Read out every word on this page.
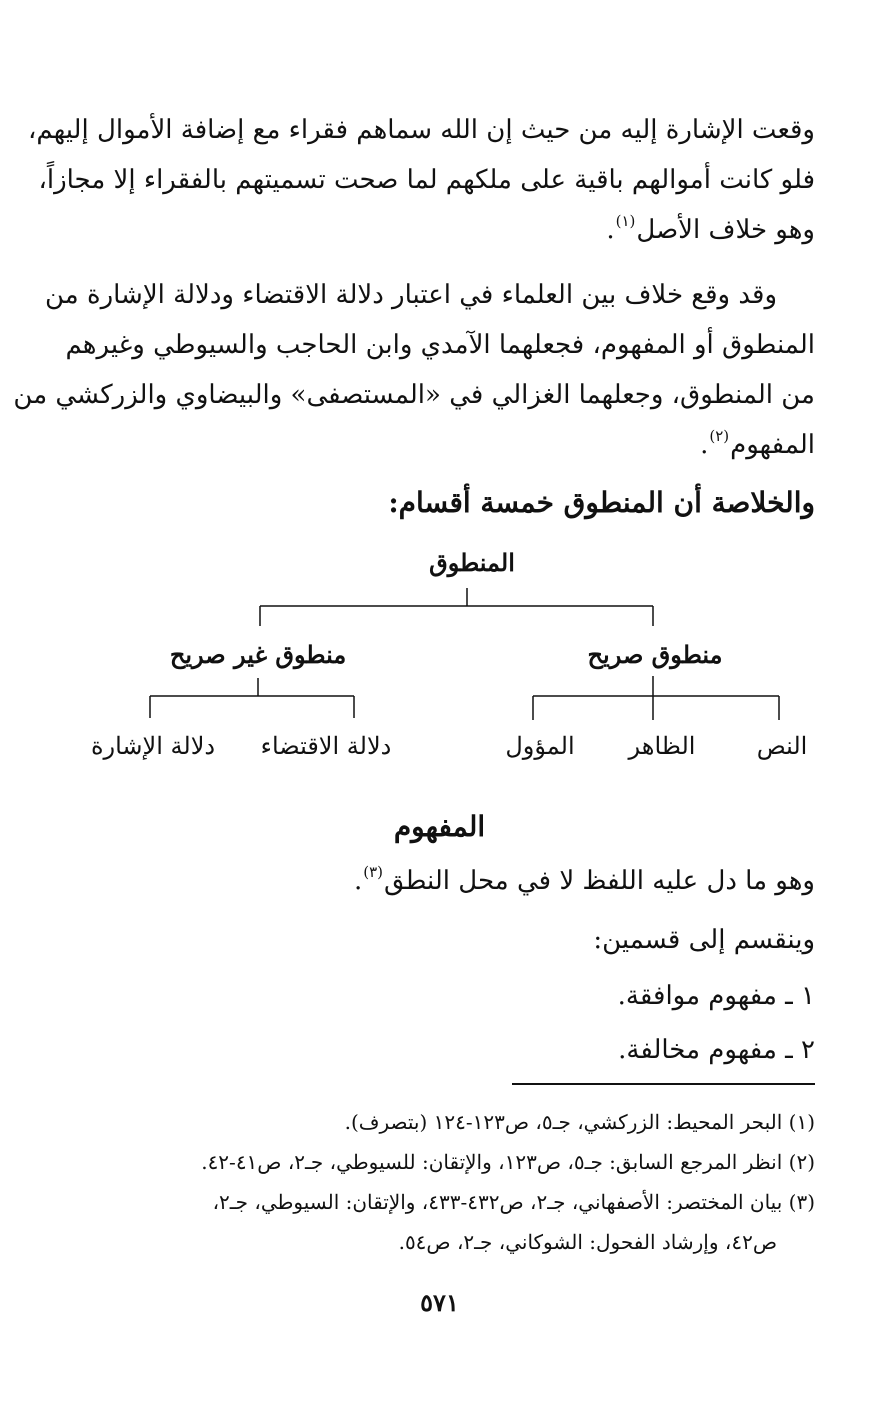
وقعت الإشارة إليه من حيث إن الله سماهم فقراء مع إضافة الأموال إليهم،
فلو كانت أموالهم باقية على ملكهم لما صحت تسميتهم بالفقراء إلا مجازاً،
وهو خلاف الأصل$^{(١)}$.
وقد وقع خلاف بين العلماء في اعتبار دلالة الاقتضاء ودلالة الإشارة من
المنطوق أو المفهوم، فجعلهما الآمدي وابن الحاجب والسيوطي وغيرهم
من المنطوق، وجعلهما الغزالي في «المستصفى» والبيضاوي والزركشي من
المفهوم$^{(٢)}$.
والخلاصة أن المنطوق خمسة أقسام:
المنطوق
منطوق صريح
منطوق غير صريح
النص
الظاهر
المؤول
دلالة الاقتضاء
دلالة الإشارة
المفهوم
وهو ما دل عليه اللفظ لا في محل النطق$^{(٣)}$.
وينقسم إلى قسمين:
١ ـ مفهوم موافقة.
٢ ـ مفهوم مخالفة.
(١) البحر المحيط: الزركشي، جـ٥، ص١٢٣-١٢٤ (بتصرف).
(٢) انظر المرجع السابق: جـ٥، ص١٢٣، والإتقان: للسيوطي، جـ٢، ص٤١-٤٢.
(٣) بيان المختصر: الأصفهاني، جـ٢، ص٤٣٢-٤٣٣، والإتقان: السيوطي، جـ٢،
ص٤٢، وإرشاد الفحول: الشوكاني، جـ٢، ص٥٤.
٥٧١
